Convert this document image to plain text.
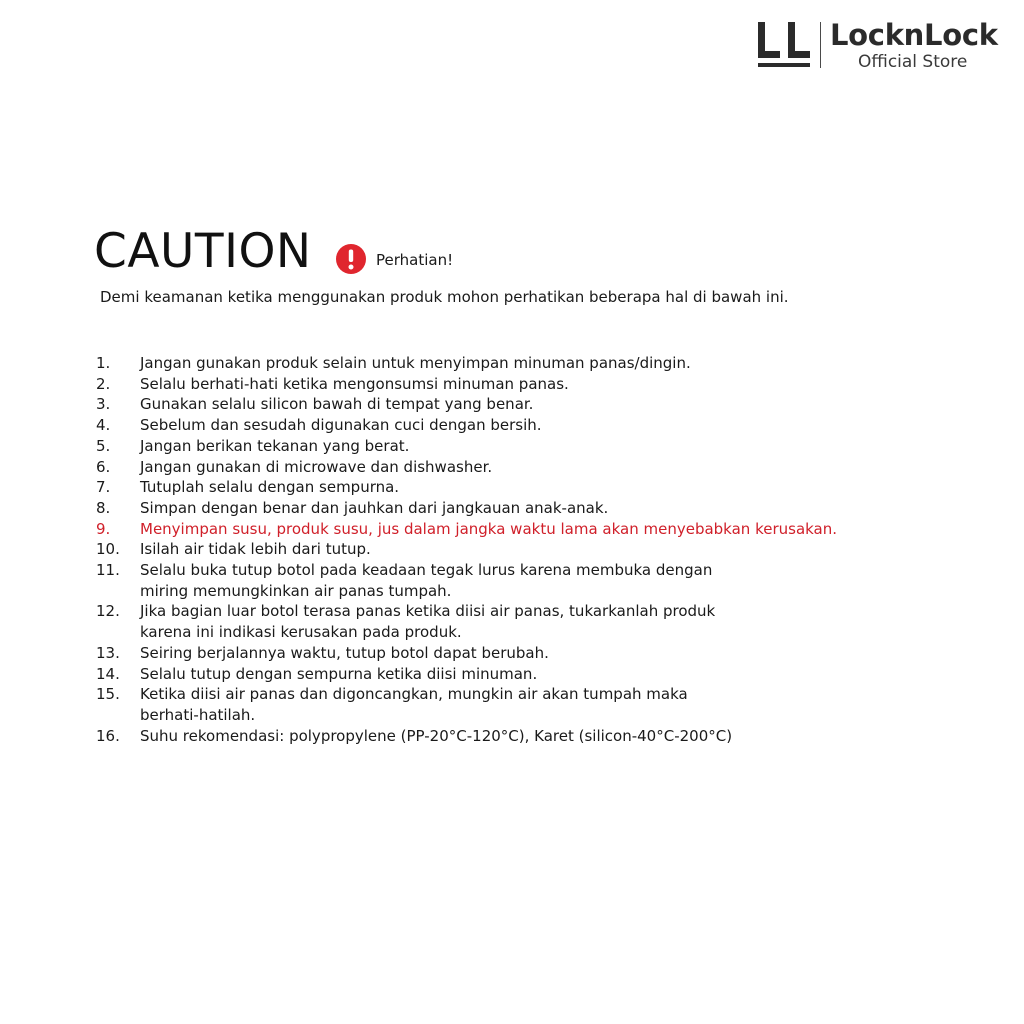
LocknLock
Official Store
CAUTION	Perhatian!
Demi keamanan ketika menggunakan produk mohon perhatikan beberapa hal di bawah ini.
1.	Jangan gunakan produk selain untuk menyimpan minuman panas/dingin.
2.	Selalu berhati-hati ketika mengonsumsi minuman panas.
3.	Gunakan selalu silicon bawah di tempat yang benar.
4.	Sebelum dan sesudah digunakan cuci dengan bersih.
5.	Jangan berikan tekanan yang berat.
6.	Jangan gunakan di microwave dan dishwasher.
7.	Tutuplah selalu dengan sempurna.
8.	Simpan dengan benar dan jauhkan dari jangkauan anak-anak.
9.	Menyimpan susu, produk susu, jus dalam jangka waktu lama akan menyebabkan kerusakan.
10.	Isilah air tidak lebih dari tutup.
11.	Selalu buka tutup botol pada keadaan tegak lurus karena membuka dengan
miring memungkinkan air panas tumpah.
12.	Jika bagian luar botol terasa panas ketika diisi air panas, tukarkanlah produk
karena ini indikasi kerusakan pada produk.
13.	Seiring berjalannya waktu, tutup botol dapat berubah.
14.	Selalu tutup dengan sempurna ketika diisi minuman.
15.	Ketika diisi air panas dan digoncangkan, mungkin air akan tumpah maka
berhati-hatilah.
16.	Suhu rekomendasi: polypropylene (PP-20°C-120°C), Karet (silicon-40°C-200°C)
